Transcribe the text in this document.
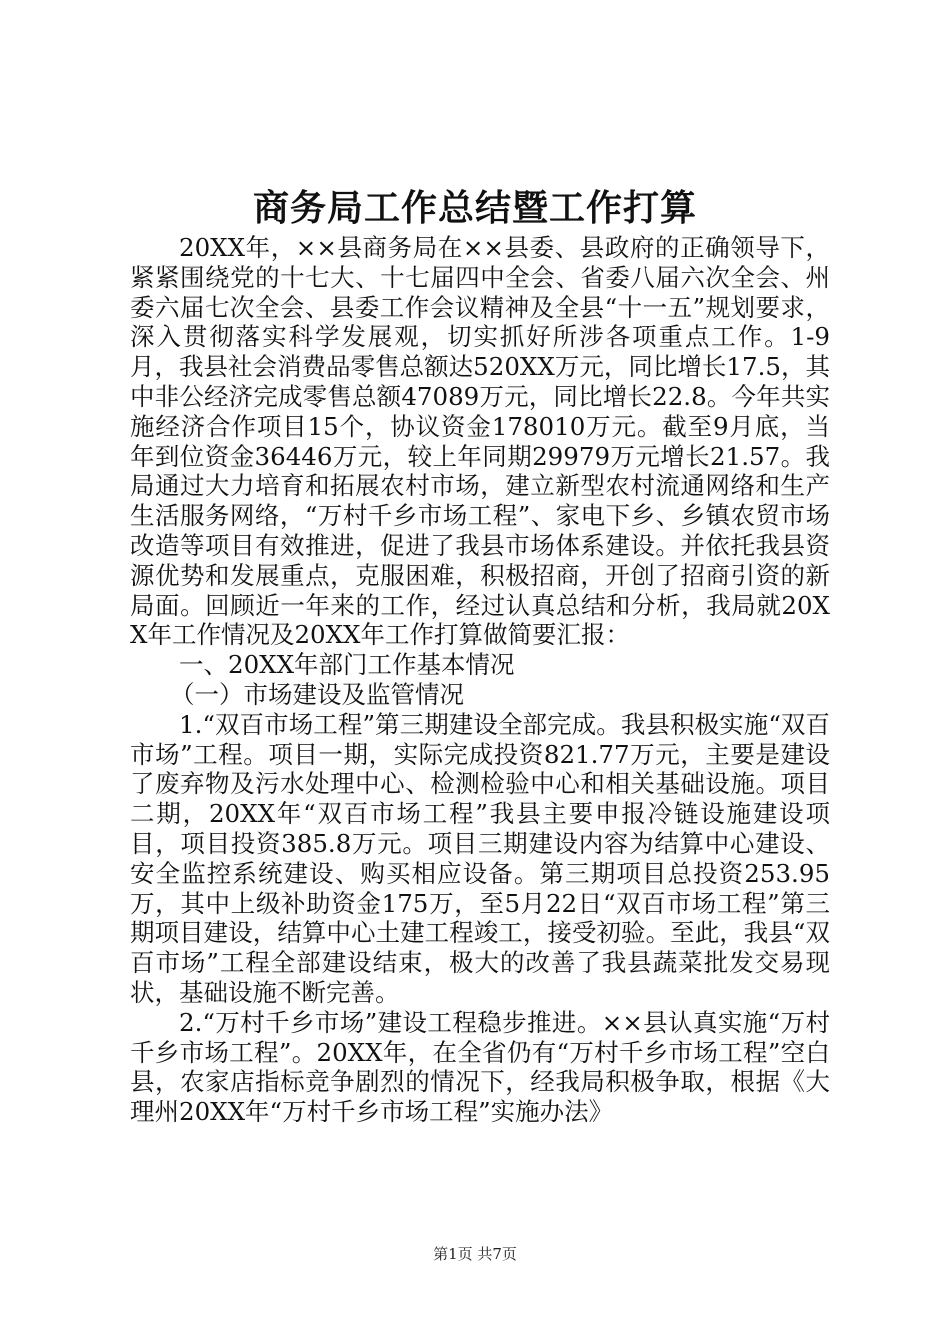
商务局工作总结暨工作打算

20XX年，××县商务局在××县委、县政府的正确领导下，紧紧围绕党的十七大、十七届四中全会、省委八届六次全会、州委六届七次全会、县委工作会议精神及全县“十一五”规划要求，深入贯彻落实科学发展观，切实抓好所涉各项重点工作。1-9月，我县社会消费品零售总额达520XX万元，同比增长17.5，其中非公经济完成零售总额47089万元，同比增长22.8。今年共实施经济合作项目15个，协议资金178010万元。截至9月底，当年到位资金36446万元，较上年同期29979万元增长21.57。我局通过大力培育和拓展农村市场，建立新型农村流通网络和生产生活服务网络，“万村千乡市场工程”、家电下乡、乡镇农贸市场改造等项目有效推进，促进了我县市场体系建设。并依托我县资源优势和发展重点，克服困难，积极招商，开创了招商引资的新局面。回顾近一年来的工作，经过认真总结和分析，我局就20XX年工作情况及20XX年工作打算做简要汇报：

一、20XX年部门工作基本情况

（一）市场建设及监管情况

1.“双百市场工程”第三期建设全部完成。我县积极实施“双百市场”工程。项目一期，实际完成投资821.77万元，主要是建设了废弃物及污水处理中心、检测检验中心和相关基础设施。项目二期，20XX年“双百市场工程”我县主要申报冷链设施建设项目，项目投资385.8万元。项目三期建设内容为结算中心建设、安全监控系统建设、购买相应设备。第三期项目总投资253.95万，其中上级补助资金175万，至5月22日“双百市场工程”第三期项目建设，结算中心土建工程竣工，接受初验。至此，我县“双百市场”工程全部建设结束，极大的改善了我县蔬菜批发交易现状，基础设施不断完善。

2.“万村千乡市场”建设工程稳步推进。××县认真实施“万村千乡市场工程”。20XX年，在全省仍有“万村千乡市场工程”空白县，农家店指标竞争剧烈的情况下，经我局积极争取，根据《大理州20XX年“万村千乡市场工程”实施办法》

第1页 共7页
